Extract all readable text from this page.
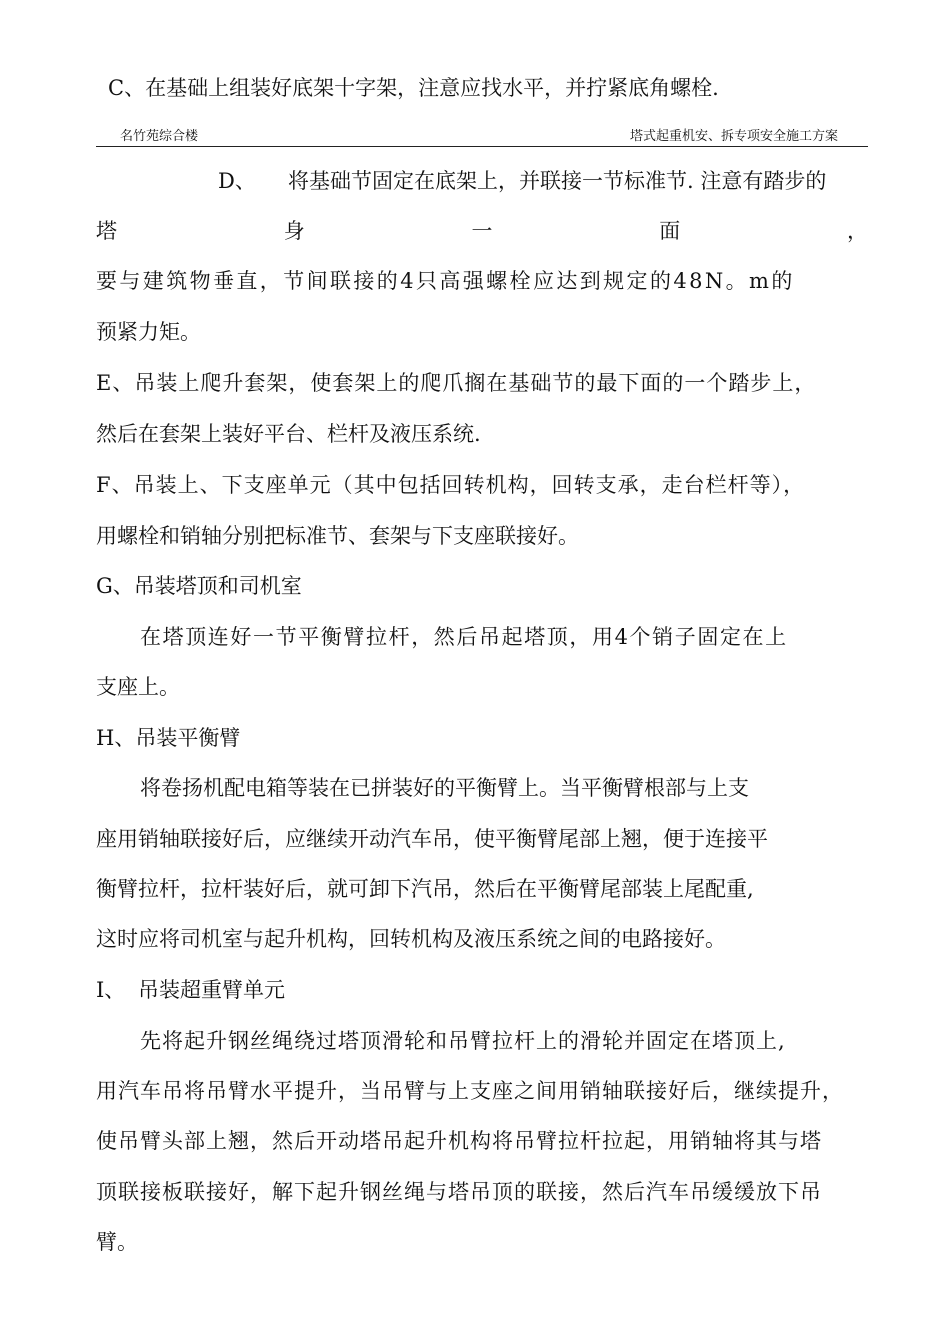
C、在基础上组装好底架十字架，注意应找水平，并拧紧底角螺栓.
名竹苑综合楼	塔式起重机安、拆专项安全施工方案
D、 将基础节固定在底架上，并联接一节标准节. 注意有踏步的
塔	身	一	面	，
要与建筑物垂直，节间联接的4只高强螺栓应达到规定的48N。m的
预紧力矩。
E、吊装上爬升套架，使套架上的爬爪搁在基础节的最下面的一个踏步上，
然后在套架上装好平台、栏杆及液压系统.
F、吊装上、下支座单元（其中包括回转机构，回转支承，走台栏杆等），
用螺栓和销轴分别把标准节、套架与下支座联接好。
G、吊装塔顶和司机室
在塔顶连好一节平衡臂拉杆，然后吊起塔顶，用4个销子固定在上
支座上。
H、吊装平衡臂
将卷扬机配电箱等装在已拼装好的平衡臂上。当平衡臂根部与上支
座用销轴联接好后，应继续开动汽车吊，使平衡臂尾部上翘，便于连接平
衡臂拉杆，拉杆装好后，就可卸下汽吊，然后在平衡臂尾部装上尾配重,
这时应将司机室与起升机构，回转机构及液压系统之间的电路接好。
I、 吊装超重臂单元
先将起升钢丝绳绕过塔顶滑轮和吊臂拉杆上的滑轮并固定在塔顶上,
用汽车吊将吊臂水平提升，当吊臂与上支座之间用销轴联接好后，继续提升，
使吊臂头部上翘，然后开动塔吊起升机构将吊臂拉杆拉起，用销轴将其与塔
顶联接板联接好，解下起升钢丝绳与塔吊顶的联接，然后汽车吊缓缓放下吊
臂。
